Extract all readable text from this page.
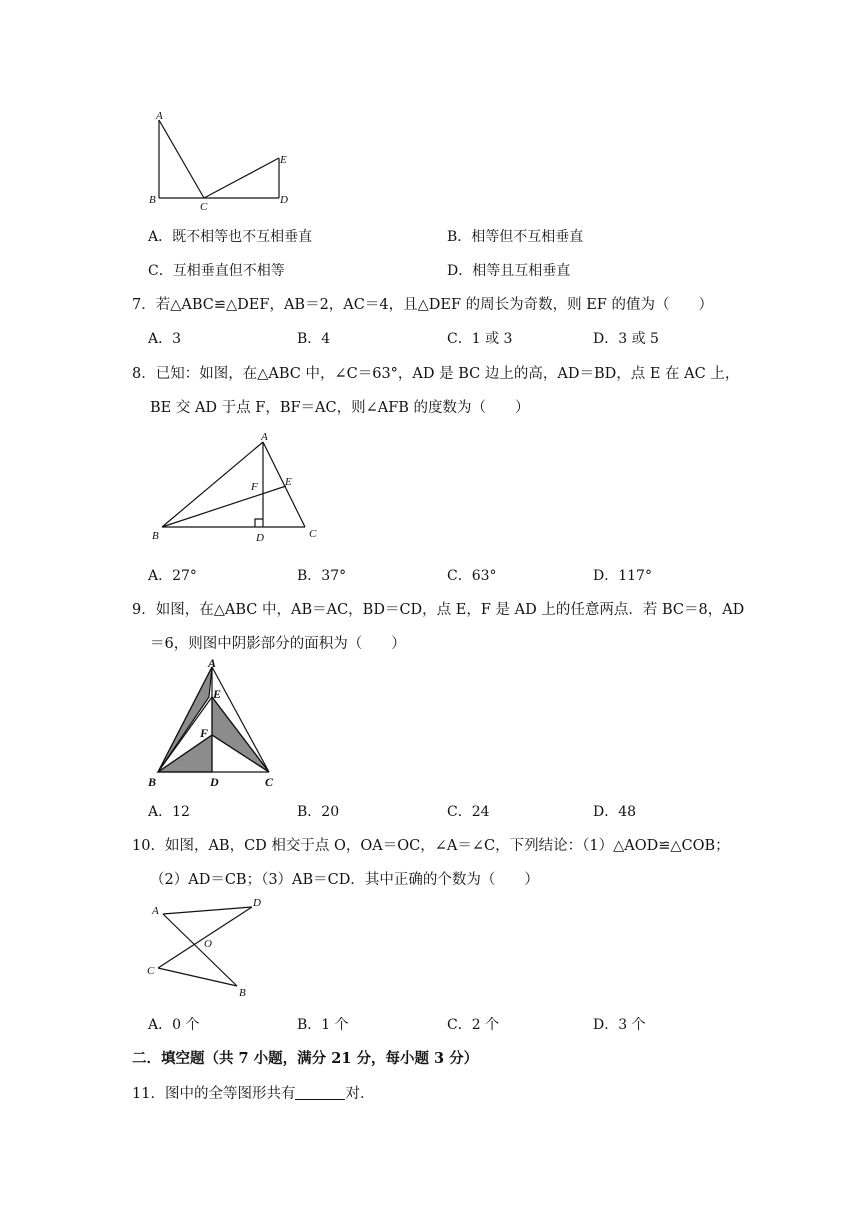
A
B
C
D
E
A．既不相等也不互相垂直	B．相等但不互相垂直
C．互相垂直但不相等	D．相等且互相垂直
7．若△ABC≌△DEF，AB＝2，AC＝4，且△DEF 的周长为奇数，则 EF 的值为（　　）
A．3	B．4	C．1 或 3	D．3 或 5
8．已知：如图，在△ABC 中，∠C＝63°，AD 是 BC 边上的高，AD＝BD，点 E 在 AC 上，
BE 交 AD 于点 F，BF＝AC，则∠AFB 的度数为（　　）
A
B	C
D
E
F
A．27°	B．37°	C．63°	D．117°
9．如图，在△ABC 中，AB＝AC，BD＝CD，点 E，F 是 AD 上的任意两点．若 BC＝8，AD
＝6，则图中阴影部分的面积为（　　）
A
B	C
D
E
F
A．12	B．20	C．24	D．48
10．如图，AB，CD 相交于点 O，OA＝OC，∠A＝∠C，下列结论：（1）△AOD≌△COB；
（2）AD＝CB；（3）AB＝CD．其中正确的个数为（　　）
A
D
O
C
B
A．0 个	B．1 个	C．2 个	D．3 个
二．填空题（共 7 小题，满分 21 分，每小题 3 分）
11．图中的全等图形共有	对．
